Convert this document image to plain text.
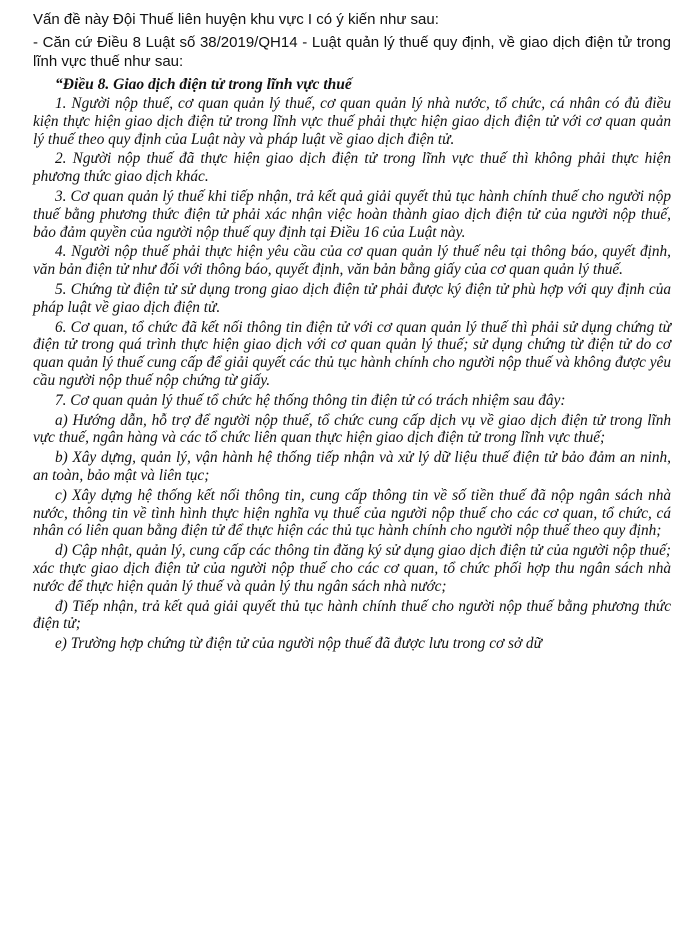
Vấn đề này Đội Thuế liên huyện khu vực I có ý kiến như sau:

- Căn cứ Điều 8 Luật số 38/2019/QH14 - Luật quản lý thuế quy định, về giao dịch điện tử trong lĩnh vực thuế như sau:

“Điều 8. Giao dịch điện tử trong lĩnh vực thuế

1. Người nộp thuế, cơ quan quản lý thuế, cơ quan quản lý nhà nước, tổ chức, cá nhân có đủ điều kiện thực hiện giao dịch điện tử trong lĩnh vực thuế phải thực hiện giao dịch điện tử với cơ quan quản lý thuế theo quy định của Luật này và pháp luật về giao dịch điện tử.

2. Người nộp thuế đã thực hiện giao dịch điện tử trong lĩnh vực thuế thì không phải thực hiện phương thức giao dịch khác.

3. Cơ quan quản lý thuế khi tiếp nhận, trả kết quả giải quyết thủ tục hành chính thuế cho người nộp thuế bằng phương thức điện tử phải xác nhận việc hoàn thành giao dịch điện tử của người nộp thuế, bảo đảm quyền của người nộp thuế quy định tại Điều 16 của Luật này.

4. Người nộp thuế phải thực hiện yêu cầu của cơ quan quản lý thuế nêu tại thông báo, quyết định, văn bản điện tử như đối với thông báo, quyết định, văn bản bằng giấy của cơ quan quản lý thuế.

5. Chứng từ điện tử sử dụng trong giao dịch điện tử phải được ký điện tử phù hợp với quy định của pháp luật về giao dịch điện tử.

6. Cơ quan, tổ chức đã kết nối thông tin điện tử với cơ quan quản lý thuế thì phải sử dụng chứng từ điện tử trong quá trình thực hiện giao dịch với cơ quan quản lý thuế; sử dụng chứng từ điện tử do cơ quan quản lý thuế cung cấp để giải quyết các thủ tục hành chính cho người nộp thuế và không được yêu cầu người nộp thuế nộp chứng từ giấy.

7. Cơ quan quản lý thuế tổ chức hệ thống thông tin điện tử có trách nhiệm sau đây:

a) Hướng dẫn, hỗ trợ để người nộp thuế, tổ chức cung cấp dịch vụ về giao dịch điện tử trong lĩnh vực thuế, ngân hàng và các tổ chức liên quan thực hiện giao dịch điện tử trong lĩnh vực thuế;

b) Xây dựng, quản lý, vận hành hệ thống tiếp nhận và xử lý dữ liệu thuế điện tử bảo đảm an ninh, an toàn, bảo mật và liên tục;

c) Xây dựng hệ thống kết nối thông tin, cung cấp thông tin về số tiền thuế đã nộp ngân sách nhà nước, thông tin về tình hình thực hiện nghĩa vụ thuế của người nộp thuế cho các cơ quan, tổ chức, cá nhân có liên quan bằng điện tử để thực hiện các thủ tục hành chính cho người nộp thuế theo quy định;

d) Cập nhật, quản lý, cung cấp các thông tin đăng ký sử dụng giao dịch điện tử của người nộp thuế; xác thực giao dịch điện tử của người nộp thuế cho các cơ quan, tổ chức phối hợp thu ngân sách nhà nước để thực hiện quản lý thuế và quản lý thu ngân sách nhà nước;

đ) Tiếp nhận, trả kết quả giải quyết thủ tục hành chính thuế cho người nộp thuế bằng phương thức điện tử;

e) Trường hợp chứng từ điện tử của người nộp thuế đã được lưu trong cơ sở dữ
